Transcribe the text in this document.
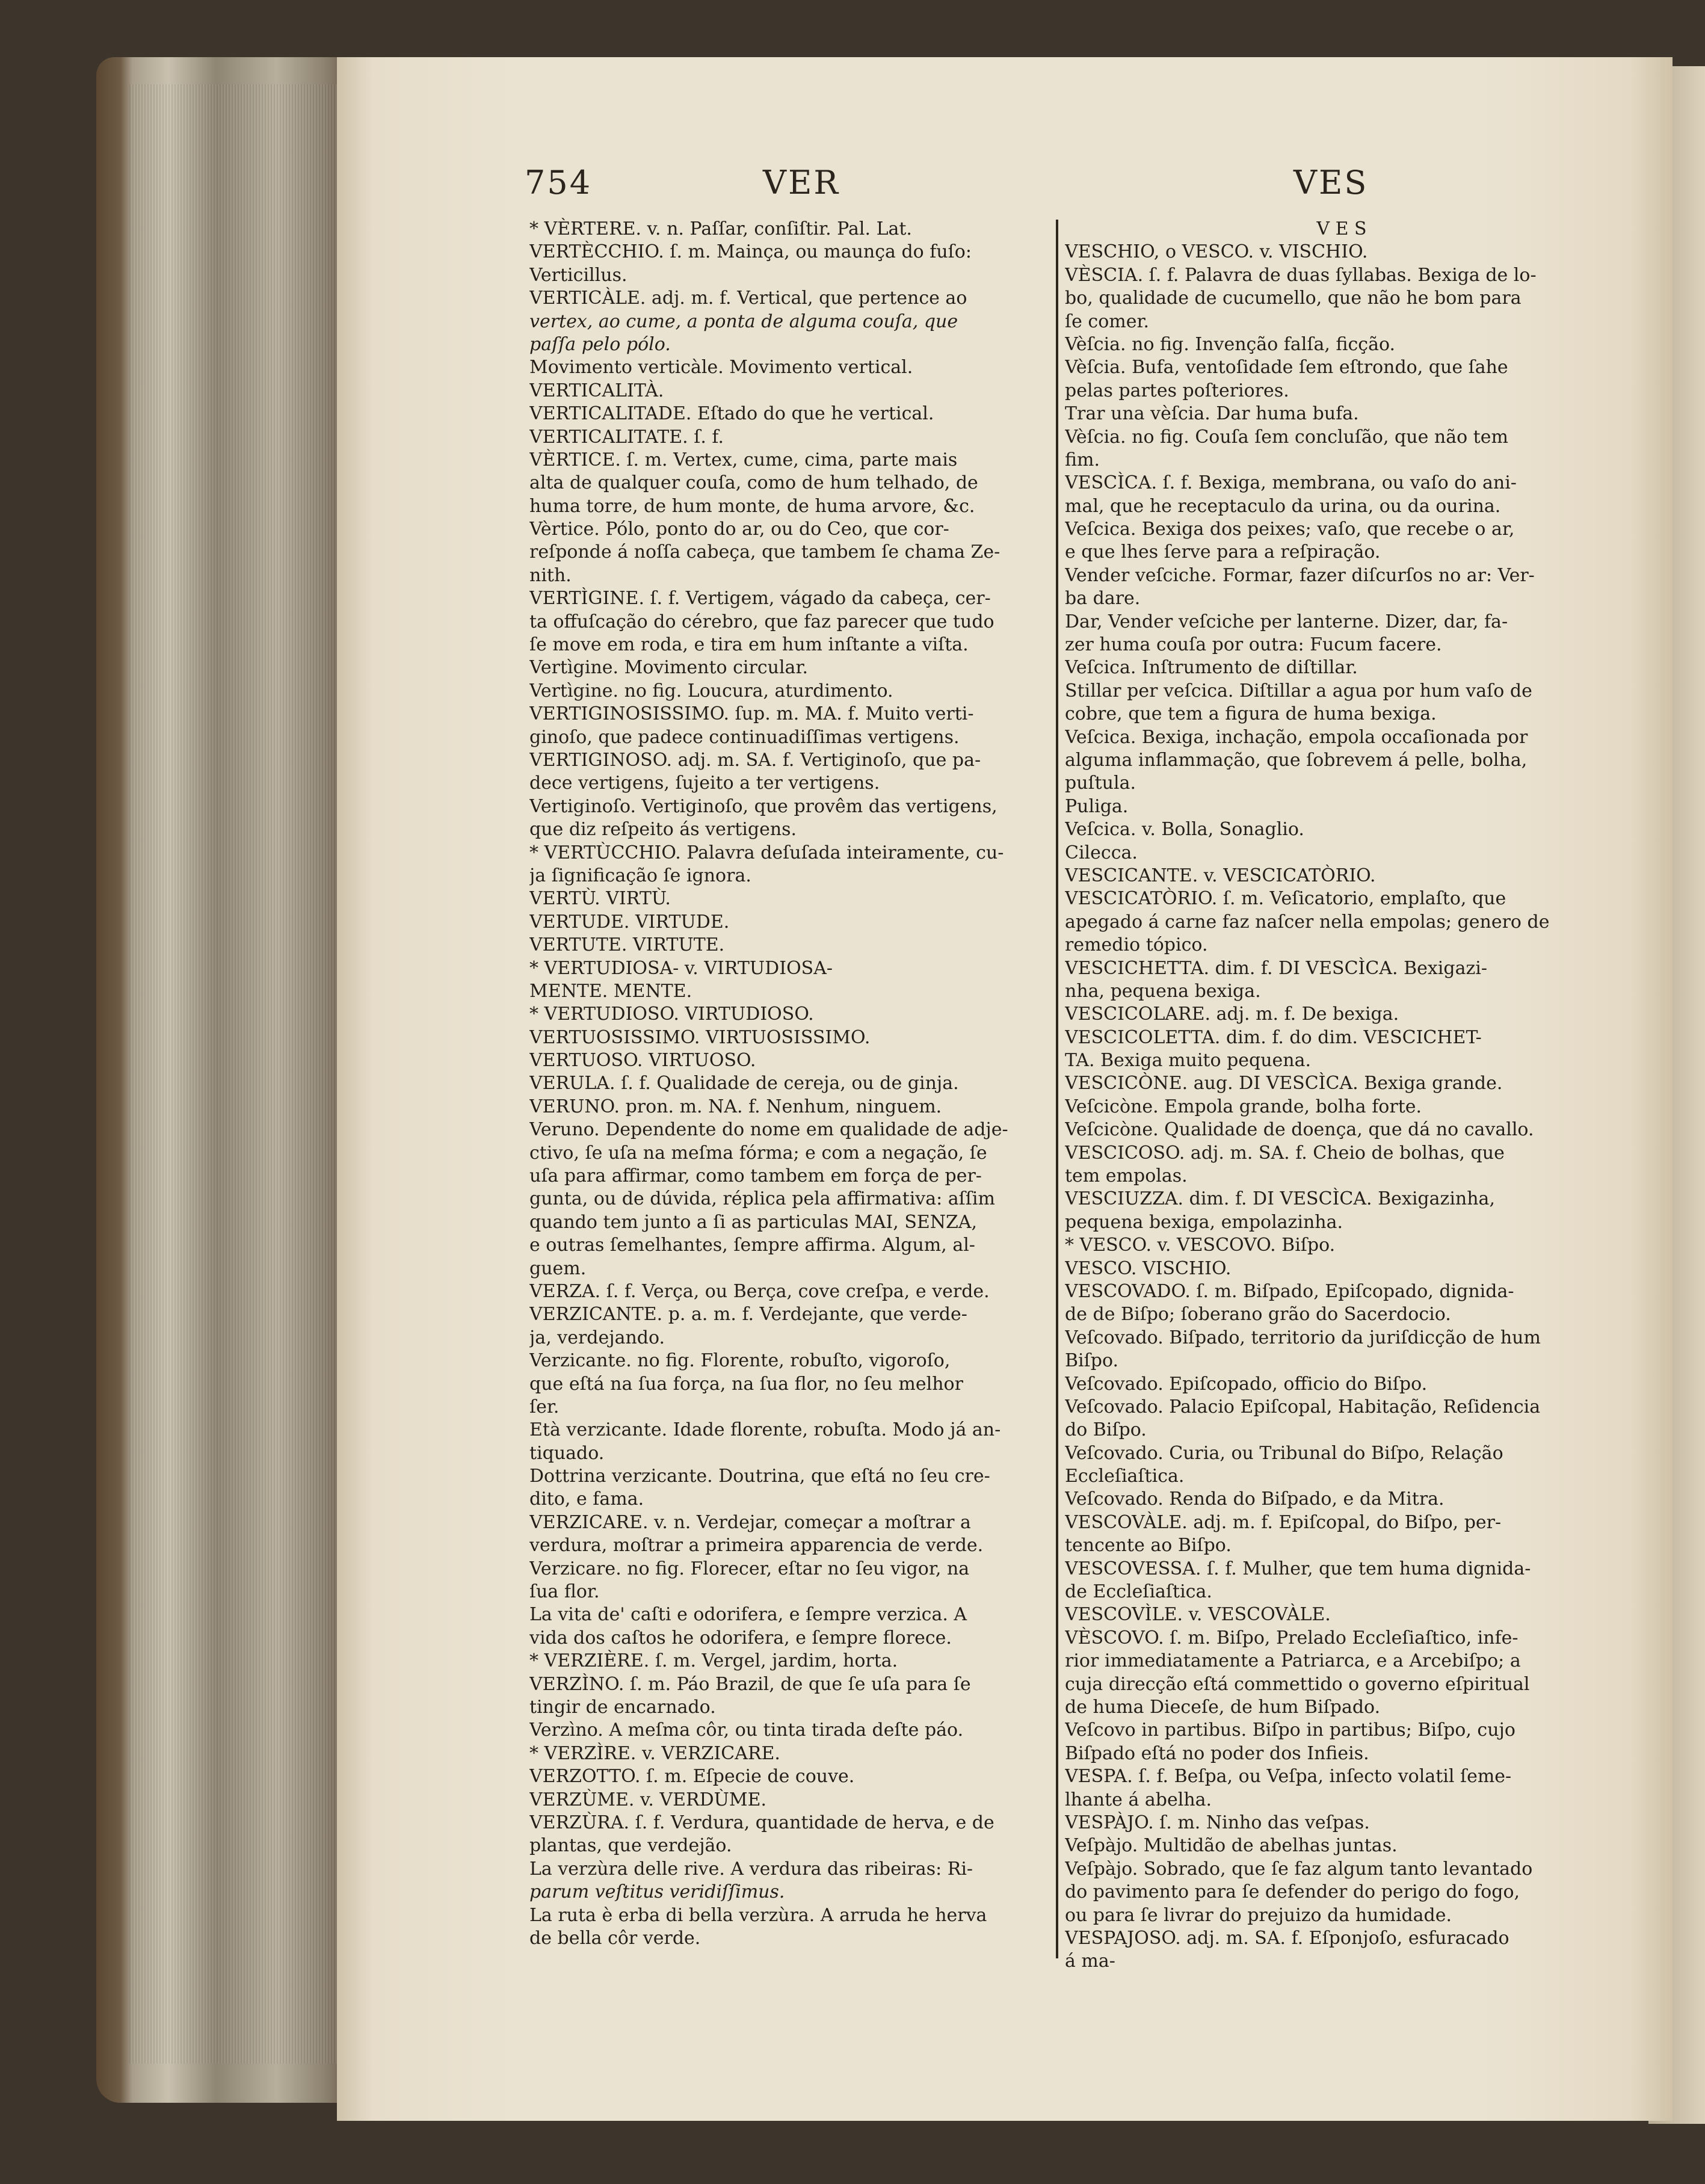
754	VER	VES
* VÈRTERE. v. n. Paſſar, conſiſtir. Pal. Lat.
VERTÈCCHIO. ſ. m. Mainça, ou maunça do fuſo:
Verticillus.
VERTICÀLE. adj. m. f. Vertical, que pertence ao
vertex, ao cume, a ponta de alguma couſa, que
paſſa pelo pólo.
Movimento verticàle. Movimento vertical.
VERTICALITÀ.
VERTICALITADE. Eſtado do que he vertical.
VERTICALITATE. ſ. f.
VÈRTICE. ſ. m. Vertex, cume, cima, parte mais
alta de qualquer couſa, como de hum telhado, de
huma torre, de hum monte, de huma arvore, &c.
Vèrtice. Pólo, ponto do ar, ou do Ceo, que cor-
reſponde á noſſa cabeça, que tambem ſe chama Ze-
nith.
VERTÌGINE. ſ. f. Vertigem, vágado da cabeça, cer-
ta offuſcação do cérebro, que faz parecer que tudo
ſe move em roda, e tira em hum inſtante a viſta.
Vertìgine. Movimento circular.
Vertìgine. no fig. Loucura, aturdimento.
VERTIGINOSISSIMO. ſup. m. MA. f. Muito verti-
ginoſo, que padece continuadiſſimas vertigens.
VERTIGINOSO. adj. m. SA. f. Vertiginoſo, que pa-
dece vertigens, ſujeito a ter vertigens.
Vertiginoſo. Vertiginoſo, que provêm das vertigens,
que diz reſpeito ás vertigens.
* VERTÙCCHIO. Palavra deſuſada inteiramente, cu-
ja ſignificação ſe ignora.
VERTÙ. VIRTÙ.
VERTUDE. VIRTUDE.
VERTUTE. VIRTUTE.
* VERTUDIOSA- v. VIRTUDIOSA-
MENTE. MENTE.
* VERTUDIOSO. VIRTUDIOSO.
VERTUOSISSIMO. VIRTUOSISSIMO.
VERTUOSO. VIRTUOSO.
VERULA. ſ. f. Qualidade de cereja, ou de ginja.
VERUNO. pron. m. NA. f. Nenhum, ninguem.
Veruno. Dependente do nome em qualidade de adje-
ctivo, ſe uſa na meſma fórma; e com a negação, ſe
uſa para affirmar, como tambem em força de per-
gunta, ou de dúvida, réplica pela affirmativa: aſſim
quando tem junto a ſi as particulas MAI, SENZA,
e outras ſemelhantes, ſempre affirma. Algum, al-
guem.
VERZA. ſ. f. Verça, ou Berça, cove creſpa, e verde.
VERZICANTE. p. a. m. f. Verdejante, que verde-
ja, verdejando.
Verzicante. no fig. Florente, robuſto, vigoroſo,
que eſtá na ſua força, na ſua flor, no ſeu melhor
ſer.
Età verzicante. Idade florente, robuſta. Modo já an-
tiquado.
Dottrina verzicante. Doutrina, que eſtá no ſeu cre-
dito, e fama.
VERZICARE. v. n. Verdejar, começar a moſtrar a
verdura, moſtrar a primeira apparencia de verde.
Verzicare. no fig. Florecer, eſtar no ſeu vigor, na
ſua flor.
La vita de' caſti e odorifera, e ſempre verzica. A
vida dos caſtos he odorifera, e ſempre florece.
* VERZIÈRE. ſ. m. Vergel, jardim, horta.
VERZÌNO. ſ. m. Páo Brazil, de que ſe uſa para ſe
tingir de encarnado.
Verzìno. A meſma côr, ou tinta tirada deſte páo.
* VERZÌRE. v. VERZICARE.
VERZOTTO. ſ. m. Eſpecie de couve.
VERZÙME. v. VERDÙME.
VERZÙRA. ſ. f. Verdura, quantidade de herva, e de
plantas, que verdejão.
La verzùra delle rive. A verdura das ribeiras: Ri-
parum veſtitus veridiſſimus.
La ruta è erba di bella verzùra. A arruda he herva
de bella côr verde.
V E S
VESCHIO, o VESCO. v. VISCHIO.
VÈSCIA. ſ. f. Palavra de duas ſyllabas. Bexiga de lo-
bo, qualidade de cucumello, que não he bom para
ſe comer.
Vèſcia. no fig. Invenção falſa, ficção.
Vèſcia. Bufa, ventoſidade ſem eſtrondo, que ſahe
pelas partes poſteriores.
Trar una vèſcia. Dar huma bufa.
Vèſcia. no fig. Couſa ſem concluſão, que não tem
fim.
VESCÌCA. ſ. f. Bexiga, membrana, ou vaſo do ani-
mal, que he receptaculo da urina, ou da ourina.
Veſcica. Bexiga dos peixes; vaſo, que recebe o ar,
e que lhes ſerve para a reſpiração.
Vender veſciche. Formar, fazer diſcurſos no ar: Ver-
ba dare.
Dar, Vender veſciche per lanterne. Dizer, dar, fa-
zer huma couſa por outra: Fucum facere.
Veſcica. Inſtrumento de diſtillar.
Stillar per veſcica. Diſtillar a agua por hum vaſo de
cobre, que tem a figura de huma bexiga.
Veſcica. Bexiga, inchação, empola occaſionada por
alguma inflammação, que ſobrevem á pelle, bolha,
puſtula.
Puliga.
Veſcica. v. Bolla, Sonaglio.
Cilecca.
VESCICANTE. v. VESCICATÒRIO.
VESCICATÒRIO. ſ. m. Veſicatorio, emplaſto, que
apegado á carne faz naſcer nella empolas; genero de
remedio tópico.
VESCICHETTA. dim. f. DI VESCÌCA. Bexigazi-
nha, pequena bexiga.
VESCICOLARE. adj. m. f. De bexiga.
VESCICOLETTA. dim. f. do dim. VESCICHET-
TA. Bexiga muito pequena.
VESCICÒNE. aug. DI VESCÌCA. Bexiga grande.
Veſcicòne. Empola grande, bolha forte.
Veſcicòne. Qualidade de doença, que dá no cavallo.
VESCICOSO. adj. m. SA. f. Cheio de bolhas, que
tem empolas.
VESCIUZZA. dim. f. DI VESCÌCA. Bexigazinha,
pequena bexiga, empolazinha.
* VESCO. v. VESCOVO. Biſpo.
VESCO. VISCHIO.
VESCOVADO. ſ. m. Biſpado, Epiſcopado, dignida-
de de Biſpo; ſoberano grão do Sacerdocio.
Veſcovado. Biſpado, territorio da juriſdicção de hum
Biſpo.
Veſcovado. Epiſcopado, officio do Biſpo.
Veſcovado. Palacio Epiſcopal, Habitação, Reſidencia
do Biſpo.
Veſcovado. Curia, ou Tribunal do Biſpo, Relação
Eccleſiaſtica.
Veſcovado. Renda do Biſpado, e da Mitra.
VESCOVÀLE. adj. m. f. Epiſcopal, do Biſpo, per-
tencente ao Biſpo.
VESCOVESSA. ſ. f. Mulher, que tem huma dignida-
de Eccleſiaſtica.
VESCOVÌLE. v. VESCOVÀLE.
VÈSCOVO. ſ. m. Biſpo, Prelado Eccleſiaſtico, infe-
rior immediatamente a Patriarca, e a Arcebiſpo; a
cuja direcção eſtá commettido o governo eſpiritual
de huma Dieceſe, de hum Biſpado.
Veſcovo in partibus. Biſpo in partibus; Biſpo, cujo
Biſpado eſtá no poder dos Infieis.
VESPA. ſ. f. Beſpa, ou Veſpa, inſecto volatil ſeme-
lhante á abelha.
VESPÀJO. ſ. m. Ninho das veſpas.
Veſpàjo. Multidão de abelhas juntas.
Veſpàjo. Sobrado, que ſe faz algum tanto levantado
do pavimento para ſe defender do perigo do fogo,
ou para ſe livrar do prejuizo da humidade.
VESPAJOSO. adj. m. SA. f. Eſponjoſo, esfuracado
á ma-
